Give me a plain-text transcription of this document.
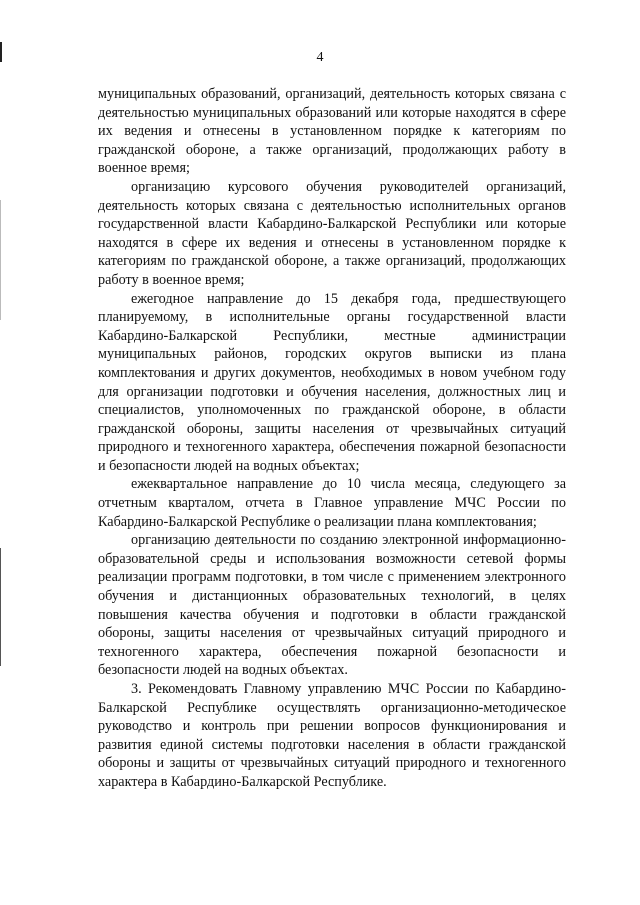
4

муниципальных образований, организаций, деятельность которых связана с деятельностью муниципальных образований или которые находятся в сфере их ведения и отнесены в установленном порядке к категориям по гражданской обороне, а также организаций, продолжающих работу в военное время;

организацию курсового обучения руководителей организаций, деятельность которых связана с деятельностью исполнительных органов государственной власти Кабардино-Балкарской Республики или которые находятся в сфере их ведения и отнесены в установленном порядке к категориям по гражданской обороне, а также организаций, продолжающих работу в военное время;

ежегодное направление до 15 декабря года, предшествующего планируемому, в исполнительные органы государственной власти Кабардино-Балкарской Республики, местные администрации муниципальных районов, городских округов выписки из плана комплектования и других документов, необходимых в новом учебном году для организации подготовки и обучения населения, должностных лиц и специалистов, уполномоченных по гражданской обороне, в области гражданской обороны, защиты населения от чрезвычайных ситуаций природного и техногенного характера, обеспечения пожарной безопасности и безопасности людей на водных объектах;

ежеквартальное направление до 10 числа месяца, следующего за отчетным кварталом, отчета в Главное управление МЧС России по Кабардино-Балкарской Республике о реализации плана комплектования;

организацию деятельности по созданию электронной информационно-образовательной среды и использования возможности сетевой формы реализации программ подготовки, в том числе с применением электронного обучения и дистанционных образовательных технологий, в целях повышения качества обучения и подготовки в области гражданской обороны, защиты населения от чрезвычайных ситуаций природного и техногенного характера, обеспечения пожарной безопасности и безопасности людей на водных объектах.

3. Рекомендовать Главному управлению МЧС России по Кабардино-Балкарской Республике осуществлять организационно-методическое руководство и контроль при решении вопросов функционирования и развития единой системы подготовки населения в области гражданской обороны и защиты от чрезвычайных ситуаций природного и техногенного характера в Кабардино-Балкарской Республике.
